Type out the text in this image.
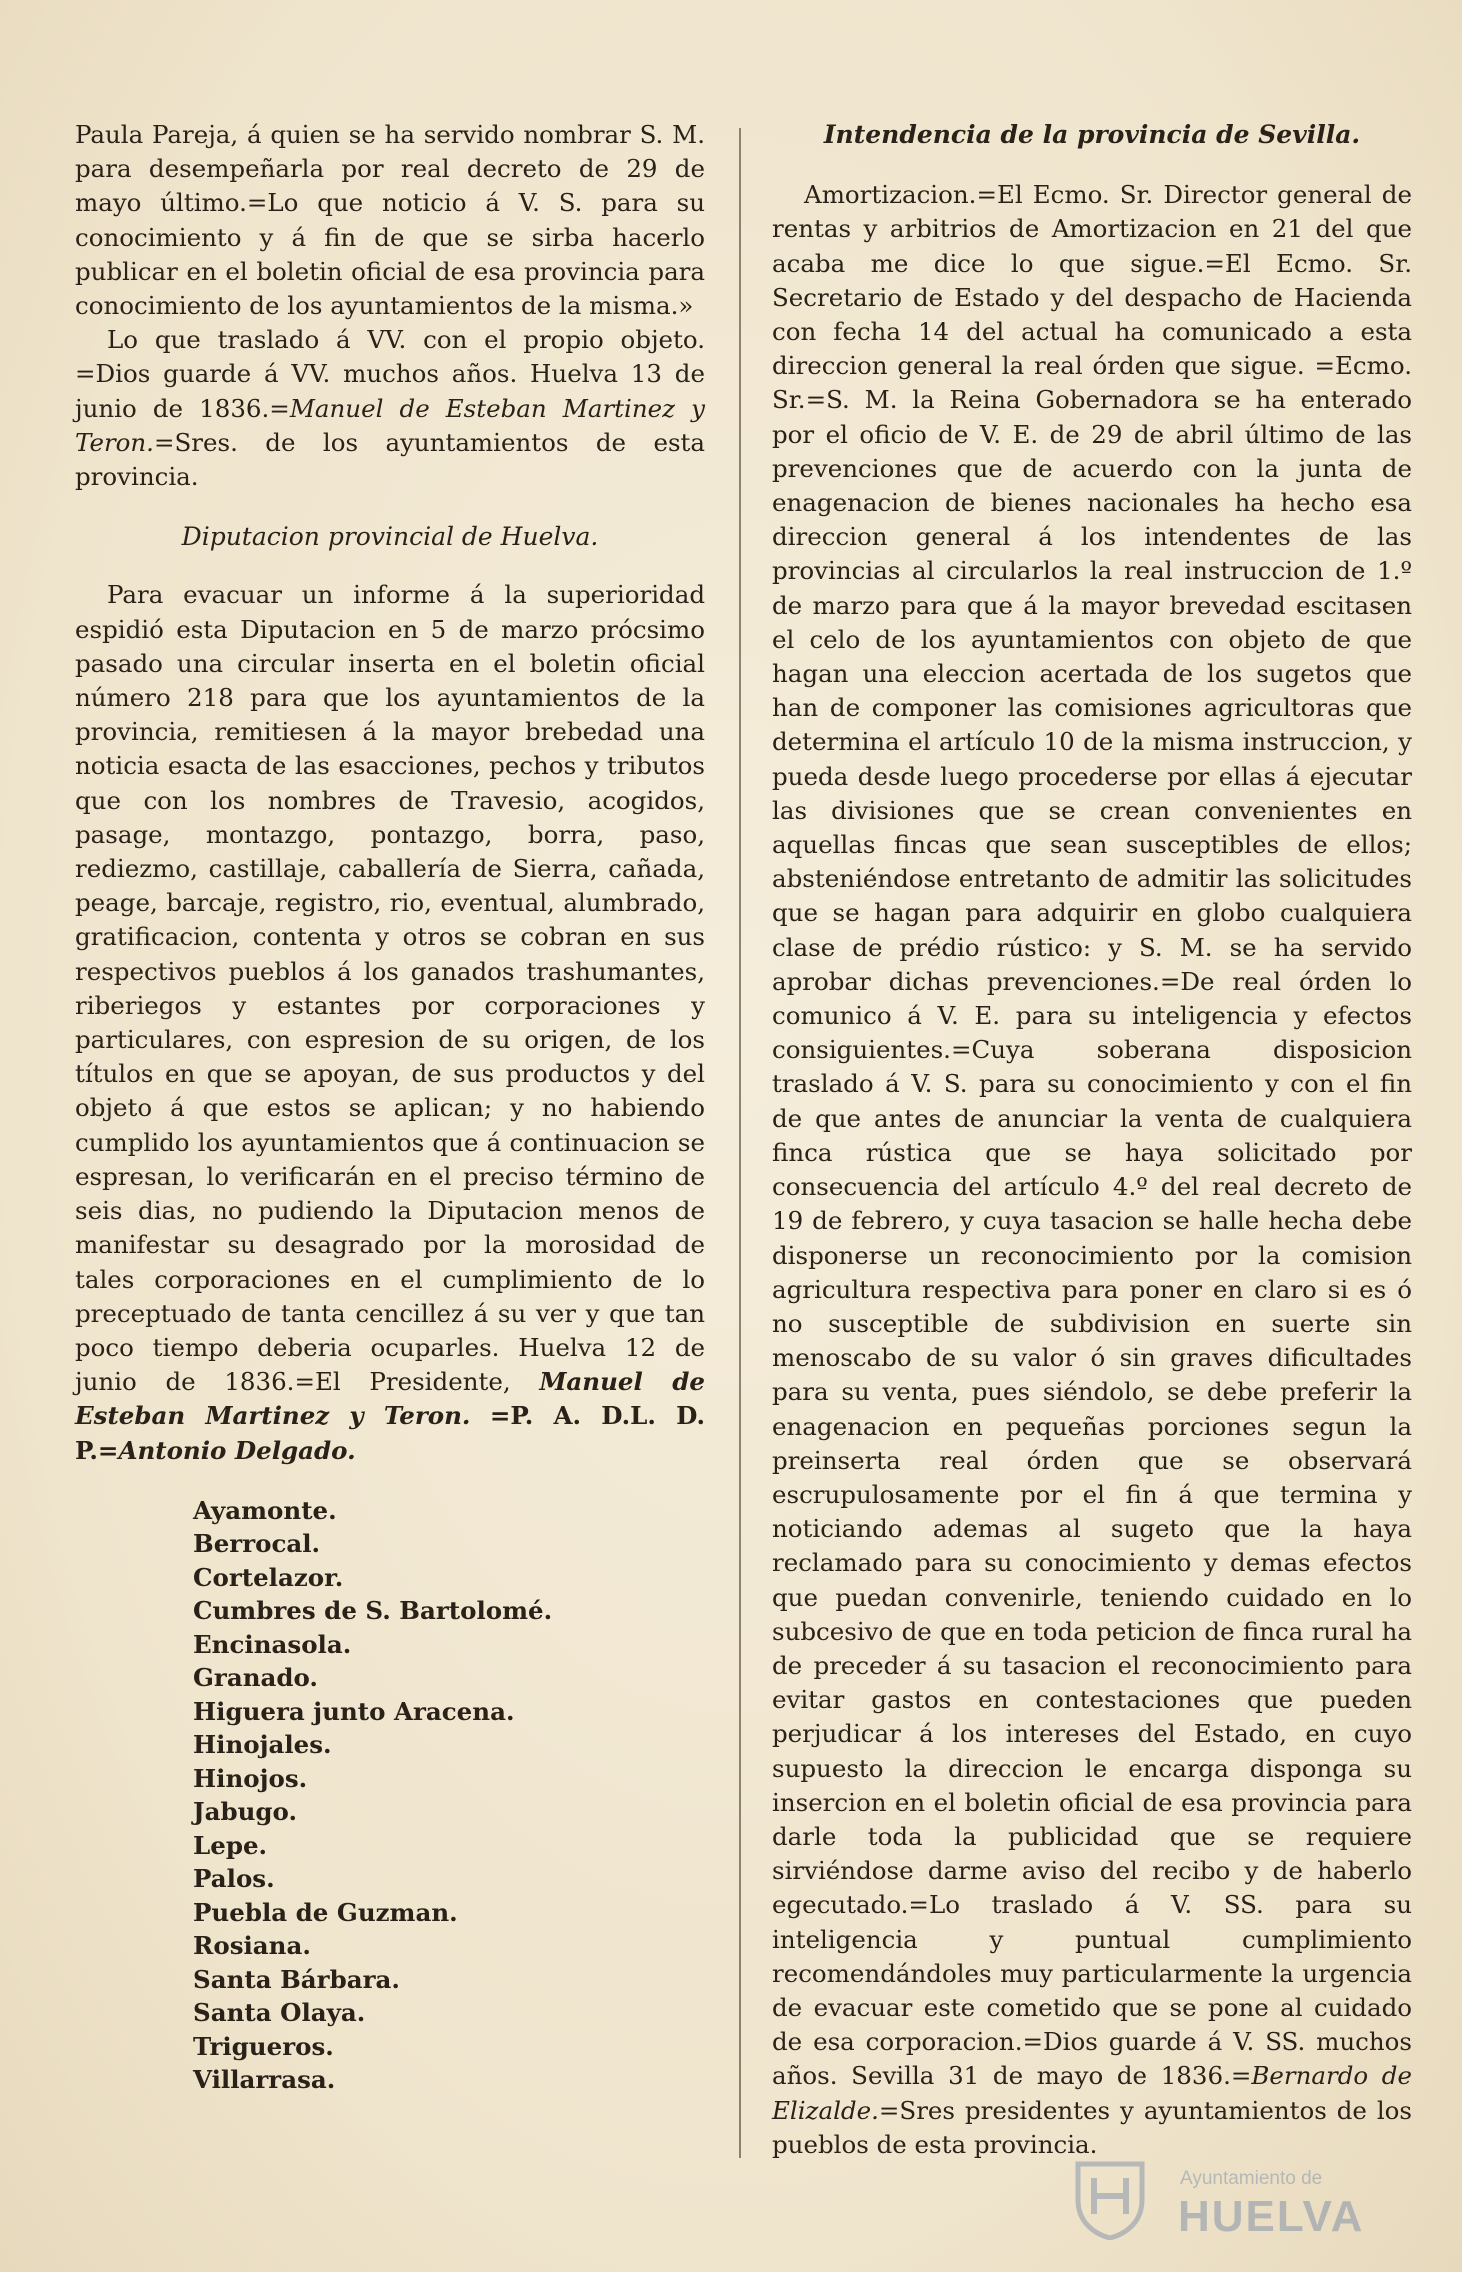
Paula Pareja, á quien se ha servido nombrar S. M. para desempeñarla por real decreto de 29 de mayo último.=Lo que noticio á V. S. para su conocimiento y á fin de que se sirba hacerlo publicar en el boletin oficial de esa provincia para conocimiento de los ayuntamientos de la misma.»

Lo que traslado á VV. con el propio objeto. =Dios guarde á VV. muchos años. Huelva 13 de junio de 1836.=Manuel de Esteban Martinez y Teron.=Sres. de los ayuntamientos de esta provincia.

Diputacion provincial de Huelva.

Para evacuar un informe á la superioridad espidió esta Diputacion en 5 de marzo prócsimo pasado una circular inserta en el boletin oficial número 218 para que los ayuntamientos de la provincia, remitiesen á la mayor brebedad una noticia esacta de las esacciones, pechos y tributos que con los nombres de Travesio, acogidos, pasage, montazgo, pontazgo, borra, paso, rediezmo, castillaje, caballería de Sierra, cañada, peage, barcaje, registro, rio, eventual, alumbrado, gratificacion, contenta y otros se cobran en sus respectivos pueblos á los ganados trashumantes, riberiegos y estantes por corporaciones y particulares, con espresion de su origen, de los títulos en que se apoyan, de sus productos y del objeto á que estos se aplican; y no habiendo cumplido los ayuntamientos que á continuacion se espresan, lo verificarán en el preciso término de seis dias, no pudiendo la Diputacion menos de manifestar su desagrado por la morosidad de tales corporaciones en el cumplimiento de lo preceptuado de tanta cencillez á su ver y que tan poco tiempo deberia ocuparles. Huelva 12 de junio de 1836.=El Presidente, Manuel de Esteban Martinez y Teron. =P. A. D.L. D. P.=Antonio Delgado.

Ayamonte.
Berrocal.
Cortelazor.
Cumbres de S. Bartolomé.
Encinasola.
Granado.
Higuera junto Aracena.
Hinojales.
Hinojos.
Jabugo.
Lepe.
Palos.
Puebla de Guzman.
Rosiana.
Santa Bárbara.
Santa Olaya.
Trigueros.
Villarrasa.
Intendencia de la provincia de Sevilla.

Amortizacion.=El Ecmo. Sr. Director general de rentas y arbitrios de Amortizacion en 21 del que acaba me dice lo que sigue.=El Ecmo. Sr. Secretario de Estado y del despacho de Hacienda con fecha 14 del actual ha comunicado a esta direccion general la real órden que sigue. =Ecmo. Sr.=S. M. la Reina Gobernadora se ha enterado por el oficio de V. E. de 29 de abril último de las prevenciones que de acuerdo con la junta de enagenacion de bienes nacionales ha hecho esa direccion general á los intendentes de las provincias al circularlos la real instruccion de 1.º de marzo para que á la mayor brevedad escitasen el celo de los ayuntamientos con objeto de que hagan una eleccion acertada de los sugetos que han de componer las comisiones agricultoras que determina el artículo 10 de la misma instruccion, y pueda desde luego procederse por ellas á ejecutar las divisiones que se crean convenientes en aquellas fincas que sean susceptibles de ellos; absteniéndose entretanto de admitir las solicitudes que se hagan para adquirir en globo cualquiera clase de prédio rústico: y S. M. se ha servido aprobar dichas prevenciones.=De real órden lo comunico á V. E. para su inteligencia y efectos consiguientes.=Cuya soberana disposicion traslado á V. S. para su conocimiento y con el fin de que antes de anunciar la venta de cualquiera finca rústica que se haya solicitado por consecuencia del artículo 4.º del real decreto de 19 de febrero, y cuya tasacion se halle hecha debe disponerse un reconocimiento por la comision agricultura respectiva para poner en claro si es ó no susceptible de subdivision en suerte sin menoscabo de su valor ó sin graves dificultades para su venta, pues siéndolo, se debe preferir la enagenacion en pequeñas porciones segun la preinserta real órden que se observará escrupulosamente por el fin á que termina y noticiando ademas al sugeto que la haya reclamado para su conocimiento y demas efectos que puedan convenirle, teniendo cuidado en lo subcesivo de que en toda peticion de finca rural ha de preceder á su tasacion el reconocimiento para evitar gastos en contestaciones que pueden perjudicar á los intereses del Estado, en cuyo supuesto la direccion le encarga disponga su insercion en el boletin oficial de esa provincia para darle toda la publicidad que se requiere sirviéndose darme aviso del recibo y de haberlo egecutado.=Lo traslado á V. SS. para su inteligencia y puntual cumplimiento recomendándoles muy particularmente la urgencia de evacuar este cometido que se pone al cuidado de esa corporacion.=Dios guarde á V. SS. muchos años. Sevilla 31 de mayo de 1836.=Bernardo de Elizalde.=Sres presidentes y ayuntamientos de los pueblos de esta provincia.

Ayuntamiento de
HUELVA
